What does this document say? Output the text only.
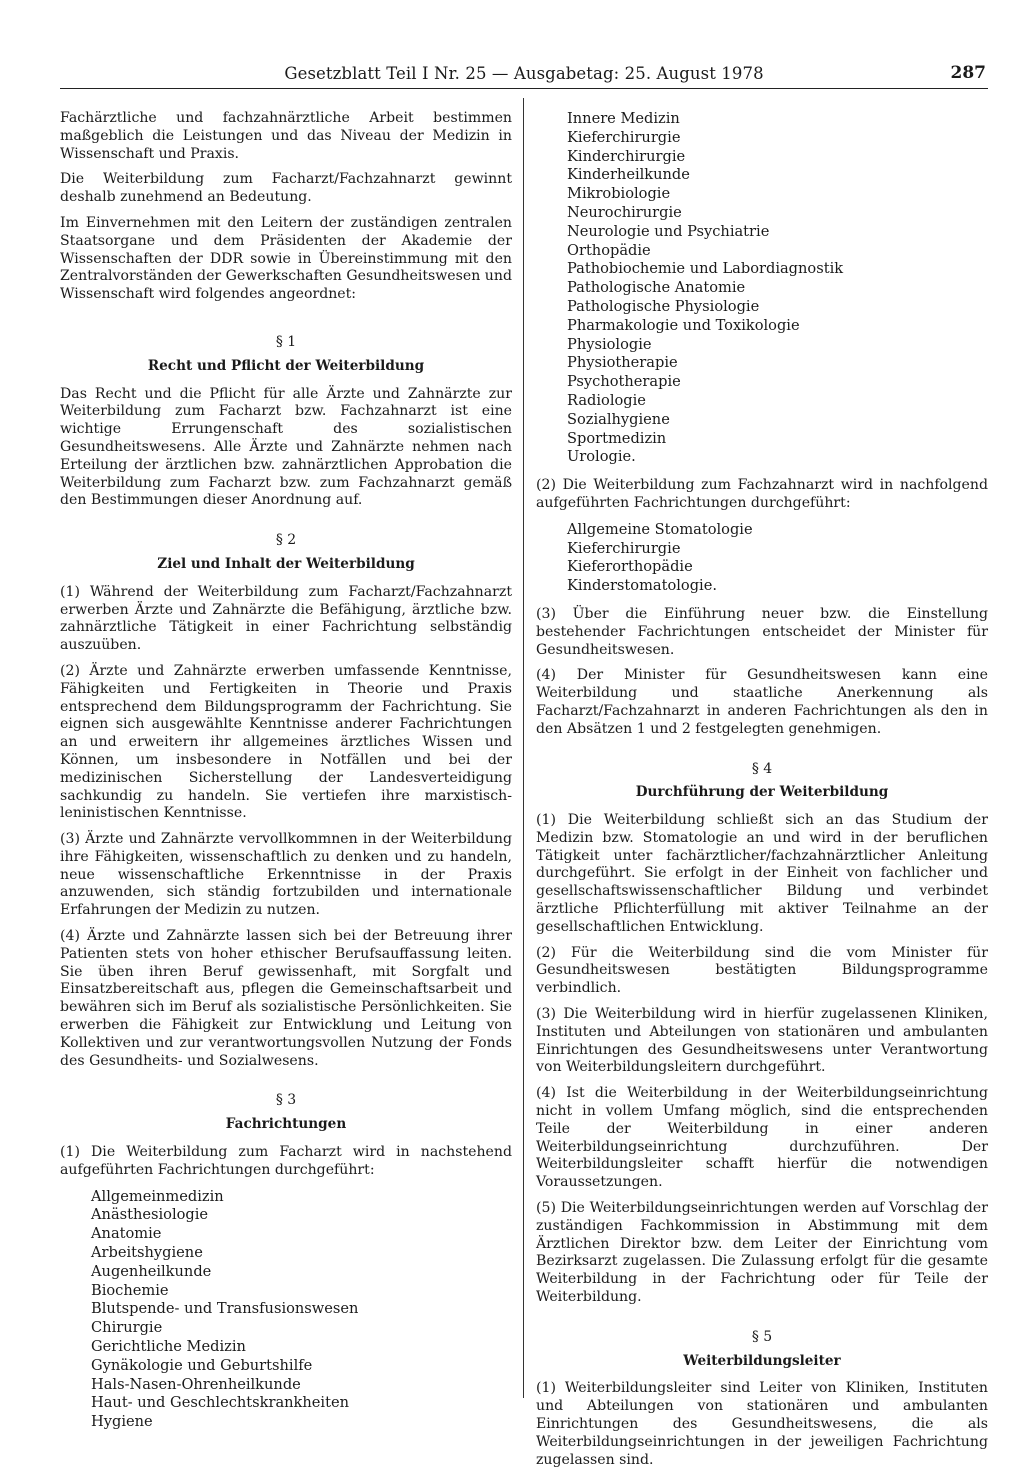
Gesetzblatt Teil I Nr. 25 — Ausgabetag: 25. August 1978	287

Fachärztliche und fachzahnärztliche Arbeit bestimmen maßgeblich die Leistungen und das Niveau der Medizin in Wissenschaft und Praxis.

Die Weiterbildung zum Facharzt/Fachzahnarzt gewinnt deshalb zunehmend an Bedeutung.

Im Einvernehmen mit den Leitern der zuständigen zentralen Staatsorgane und dem Präsidenten der Akademie der Wissenschaften der DDR sowie in Übereinstimmung mit den Zentralvorständen der Gewerkschaften Gesundheitswesen und Wissenschaft wird folgendes angeordnet:

§ 1
Recht und Pflicht der Weiterbildung

Das Recht und die Pflicht für alle Ärzte und Zahnärzte zur Weiterbildung zum Facharzt bzw. Fachzahnarzt ist eine wichtige Errungenschaft des sozialistischen Gesundheitswesens. Alle Ärzte und Zahnärzte nehmen nach Erteilung der ärztlichen bzw. zahnärztlichen Approbation die Weiterbildung zum Facharzt bzw. zum Fachzahnarzt gemäß den Bestimmungen dieser Anordnung auf.

§ 2
Ziel und Inhalt der Weiterbildung

(1) Während der Weiterbildung zum Facharzt/Fachzahnarzt erwerben Ärzte und Zahnärzte die Befähigung, ärztliche bzw. zahnärztliche Tätigkeit in einer Fachrichtung selbständig auszuüben.

(2) Ärzte und Zahnärzte erwerben umfassende Kenntnisse, Fähigkeiten und Fertigkeiten in Theorie und Praxis entsprechend dem Bildungsprogramm der Fachrichtung. Sie eignen sich ausgewählte Kenntnisse anderer Fachrichtungen an und erweitern ihr allgemeines ärztliches Wissen und Können, um insbesondere in Notfällen und bei der medizinischen Sicherstellung der Landesverteidigung sachkundig zu handeln. Sie vertiefen ihre marxistisch-leninistischen Kenntnisse.

(3) Ärzte und Zahnärzte vervollkommnen in der Weiterbildung ihre Fähigkeiten, wissenschaftlich zu denken und zu handeln, neue wissenschaftliche Erkenntnisse in der Praxis anzuwenden, sich ständig fortzubilden und internationale Erfahrungen der Medizin zu nutzen.

(4) Ärzte und Zahnärzte lassen sich bei der Betreuung ihrer Patienten stets von hoher ethischer Berufsauffassung leiten. Sie üben ihren Beruf gewissenhaft, mit Sorgfalt und Einsatzbereitschaft aus, pflegen die Gemeinschaftsarbeit und bewähren sich im Beruf als sozialistische Persönlichkeiten. Sie erwerben die Fähigkeit zur Entwicklung und Leitung von Kollektiven und zur verantwortungsvollen Nutzung der Fonds des Gesundheits- und Sozialwesens.

§ 3
Fachrichtungen

(1) Die Weiterbildung zum Facharzt wird in nachstehend aufgeführten Fachrichtungen durchgeführt:

Allgemeinmedizin
Anästhesiologie
Anatomie
Arbeitshygiene
Augenheilkunde
Biochemie
Blutspende- und Transfusionswesen
Chirurgie
Gerichtliche Medizin
Gynäkologie und Geburtshilfe
Hals-Nasen-Ohrenheilkunde
Haut- und Geschlechtskrankheiten
Hygiene
Innere Medizin
Kieferchirurgie
Kinderchirurgie
Kinderheilkunde
Mikrobiologie
Neurochirurgie
Neurologie und Psychiatrie
Orthopädie
Pathobiochemie und Labordiagnostik
Pathologische Anatomie
Pathologische Physiologie
Pharmakologie und Toxikologie
Physiologie
Physiotherapie
Psychotherapie
Radiologie
Sozialhygiene
Sportmedizin
Urologie.

(2) Die Weiterbildung zum Fachzahnarzt wird in nachfolgend aufgeführten Fachrichtungen durchgeführt:

Allgemeine Stomatologie
Kieferchirurgie
Kieferorthopädie
Kinderstomatologie.

(3) Über die Einführung neuer bzw. die Einstellung bestehender Fachrichtungen entscheidet der Minister für Gesundheitswesen.

(4) Der Minister für Gesundheitswesen kann eine Weiterbildung und staatliche Anerkennung als Facharzt/Fachzahnarzt in anderen Fachrichtungen als den in den Absätzen 1 und 2 festgelegten genehmigen.

§ 4
Durchführung der Weiterbildung

(1) Die Weiterbildung schließt sich an das Studium der Medizin bzw. Stomatologie an und wird in der beruflichen Tätigkeit unter fachärztlicher/fachzahnärztlicher Anleitung durchgeführt. Sie erfolgt in der Einheit von fachlicher und gesellschaftswissenschaftlicher Bildung und verbindet ärztliche Pflichterfüllung mit aktiver Teilnahme an der gesellschaftlichen Entwicklung.

(2) Für die Weiterbildung sind die vom Minister für Gesundheitswesen bestätigten Bildungsprogramme verbindlich.

(3) Die Weiterbildung wird in hierfür zugelassenen Kliniken, Instituten und Abteilungen von stationären und ambulanten Einrichtungen des Gesundheitswesens unter Verantwortung von Weiterbildungsleitern durchgeführt.

(4) Ist die Weiterbildung in der Weiterbildungseinrichtung nicht in vollem Umfang möglich, sind die entsprechenden Teile der Weiterbildung in einer anderen Weiterbildungseinrichtung durchzuführen. Der Weiterbildungsleiter schafft hierfür die notwendigen Voraussetzungen.

(5) Die Weiterbildungseinrichtungen werden auf Vorschlag der zuständigen Fachkommission in Abstimmung mit dem Ärztlichen Direktor bzw. dem Leiter der Einrichtung vom Bezirksarzt zugelassen. Die Zulassung erfolgt für die gesamte Weiterbildung in der Fachrichtung oder für Teile der Weiterbildung.

§ 5
Weiterbildungsleiter

(1) Weiterbildungsleiter sind Leiter von Kliniken, Instituten und Abteilungen von stationären und ambulanten Einrichtungen des Gesundheitswesens, die als Weiterbildungseinrichtungen in der jeweiligen Fachrichtung zugelassen sind.
